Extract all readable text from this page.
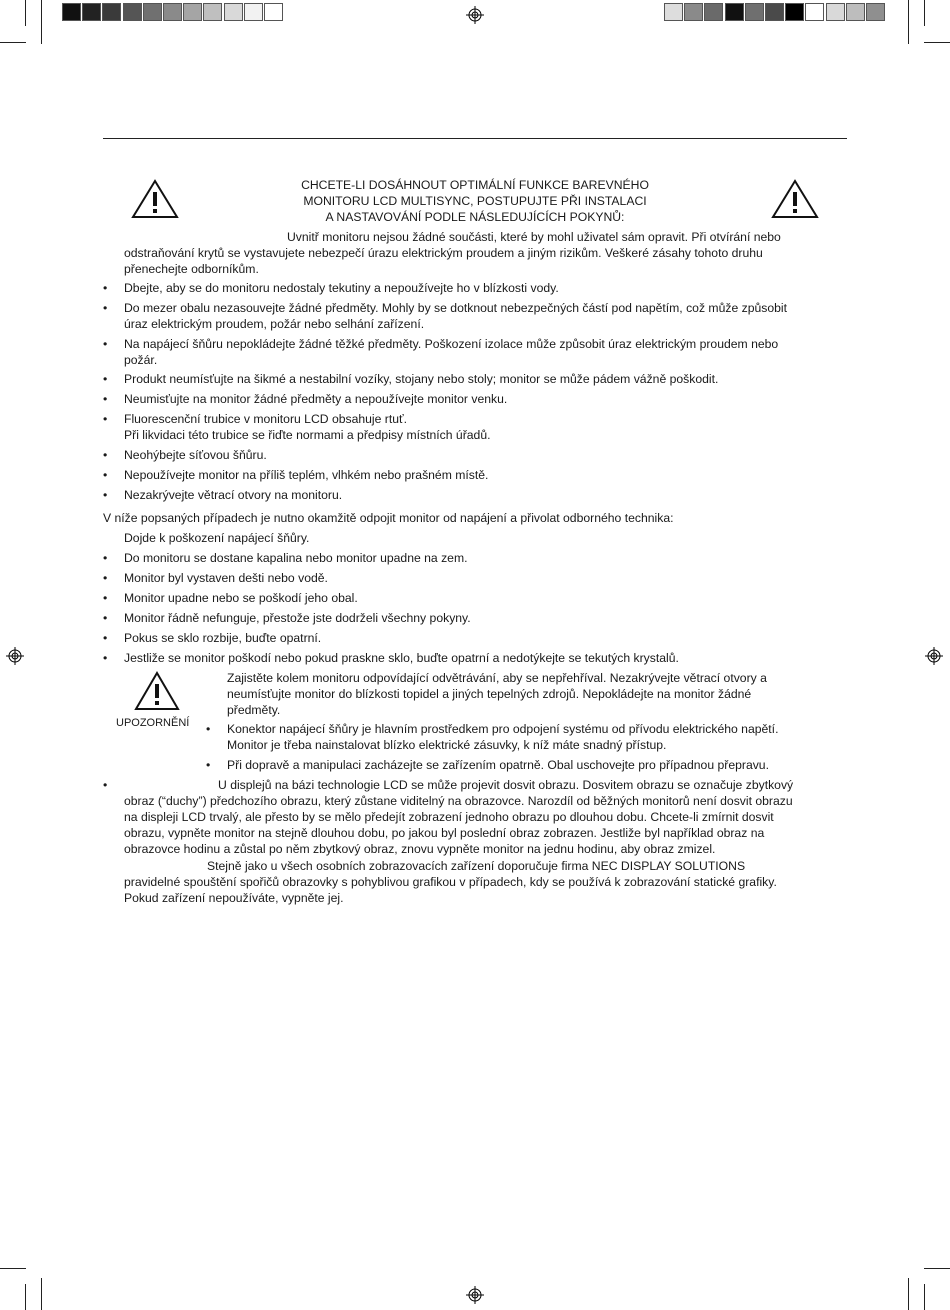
CHCETE-LI DOSÁHNOUT OPTIMÁLNÍ FUNKCE BAREVNÉHO
MONITORU LCD MULTISYNC, POSTUPUJTE PŘI INSTALACI
A NASTAVOVÁNÍ PODLE NÁSLEDUJÍCÍCH POKYNŮ:
Uvnitř monitoru nejsou žádné součásti, které by mohl uživatel sám opravit. Při otvírání nebo
odstraňování krytů se vystavujete nebezpečí úrazu elektrickým proudem a jiným rizikům. Veškeré zásahy tohoto druhu
přenechejte odborníkům.
• Dbejte, aby se do monitoru nedostaly tekutiny a nepoužívejte ho v blízkosti vody.
• Do mezer obalu nezasouvejte žádné předměty. Mohly by se dotknout nebezpečných částí pod napětím, což může způsobit
úraz elektrickým proudem, požár nebo selhání zařízení.
• Na napájecí šňůru nepokládejte žádné těžké předměty. Poškození izolace může způsobit úraz elektrickým proudem nebo
požár.
• Produkt neumísťujte na šikmé a nestabilní vozíky, stojany nebo stoly; monitor se může pádem vážně poškodit.
• Neumisťujte na monitor žádné předměty a nepoužívejte monitor venku.
• Fluorescenční trubice v monitoru LCD obsahuje rtuť.
Při likvidaci této trubice se řiďte normami a předpisy místních úřadů.
• Neohýbejte síťovou šňůru.
• Nepoužívejte monitor na příliš teplém, vlhkém nebo prašném místě.
• Nezakrývejte větrací otvory na monitoru.
V níže popsaných případech je nutno okamžitě odpojit monitor od napájení a přivolat odborného technika:
Dojde k poškození napájecí šňůry.
• Do monitoru se dostane kapalina nebo monitor upadne na zem.
• Monitor byl vystaven dešti nebo vodě.
• Monitor upadne nebo se poškodí jeho obal.
• Monitor řádně nefunguje, přestože jste dodrželi všechny pokyny.
• Pokus se sklo rozbije, buďte opatrní.
• Jestliže se monitor poškodí nebo pokud praskne sklo, buďte opatrní a nedotýkejte se tekutých krystalů.
UPOZORNĚNÍ
Zajistěte kolem monitoru odpovídající odvětrávání, aby se nepřehříval. Nezakrývejte větrací otvory a
neumísťujte monitor do blízkosti topidel a jiných tepelných zdrojů. Nepokládejte na monitor žádné
předměty.
• Konektor napájecí šňůry je hlavním prostředkem pro odpojení systému od přívodu elektrického napětí.
Monitor je třeba nainstalovat blízko elektrické zásuvky, k níž máte snadný přístup.
• Při dopravě a manipulaci zacházejte se zařízením opatrně. Obal uschovejte pro případnou přepravu.
•	U displejů na bázi technologie LCD se může projevit dosvit obrazu. Dosvitem obrazu se označuje zbytkový
obraz (“duchy”) předchozího obrazu, který zůstane viditelný na obrazovce. Narozdíl od běžných monitorů není dosvit obrazu
na displeji LCD trvalý, ale přesto by se mělo předejít zobrazení jednoho obrazu po dlouhou dobu. Chcete-li zmírnit dosvit
obrazu, vypněte monitor na stejně dlouhou dobu, po jakou byl poslední obraz zobrazen. Jestliže byl například obraz na
obrazovce hodinu a zůstal po něm zbytkový obraz, znovu vypněte monitor na jednu hodinu, aby obraz zmizel.
Stejně jako u všech osobních zobrazovacích zařízení doporučuje firma NEC DISPLAY SOLUTIONS
pravidelné spouštění spořičů obrazovky s pohyblivou grafikou v případech, kdy se používá k zobrazování statické grafiky.
Pokud zařízení nepoužíváte, vypněte jej.
